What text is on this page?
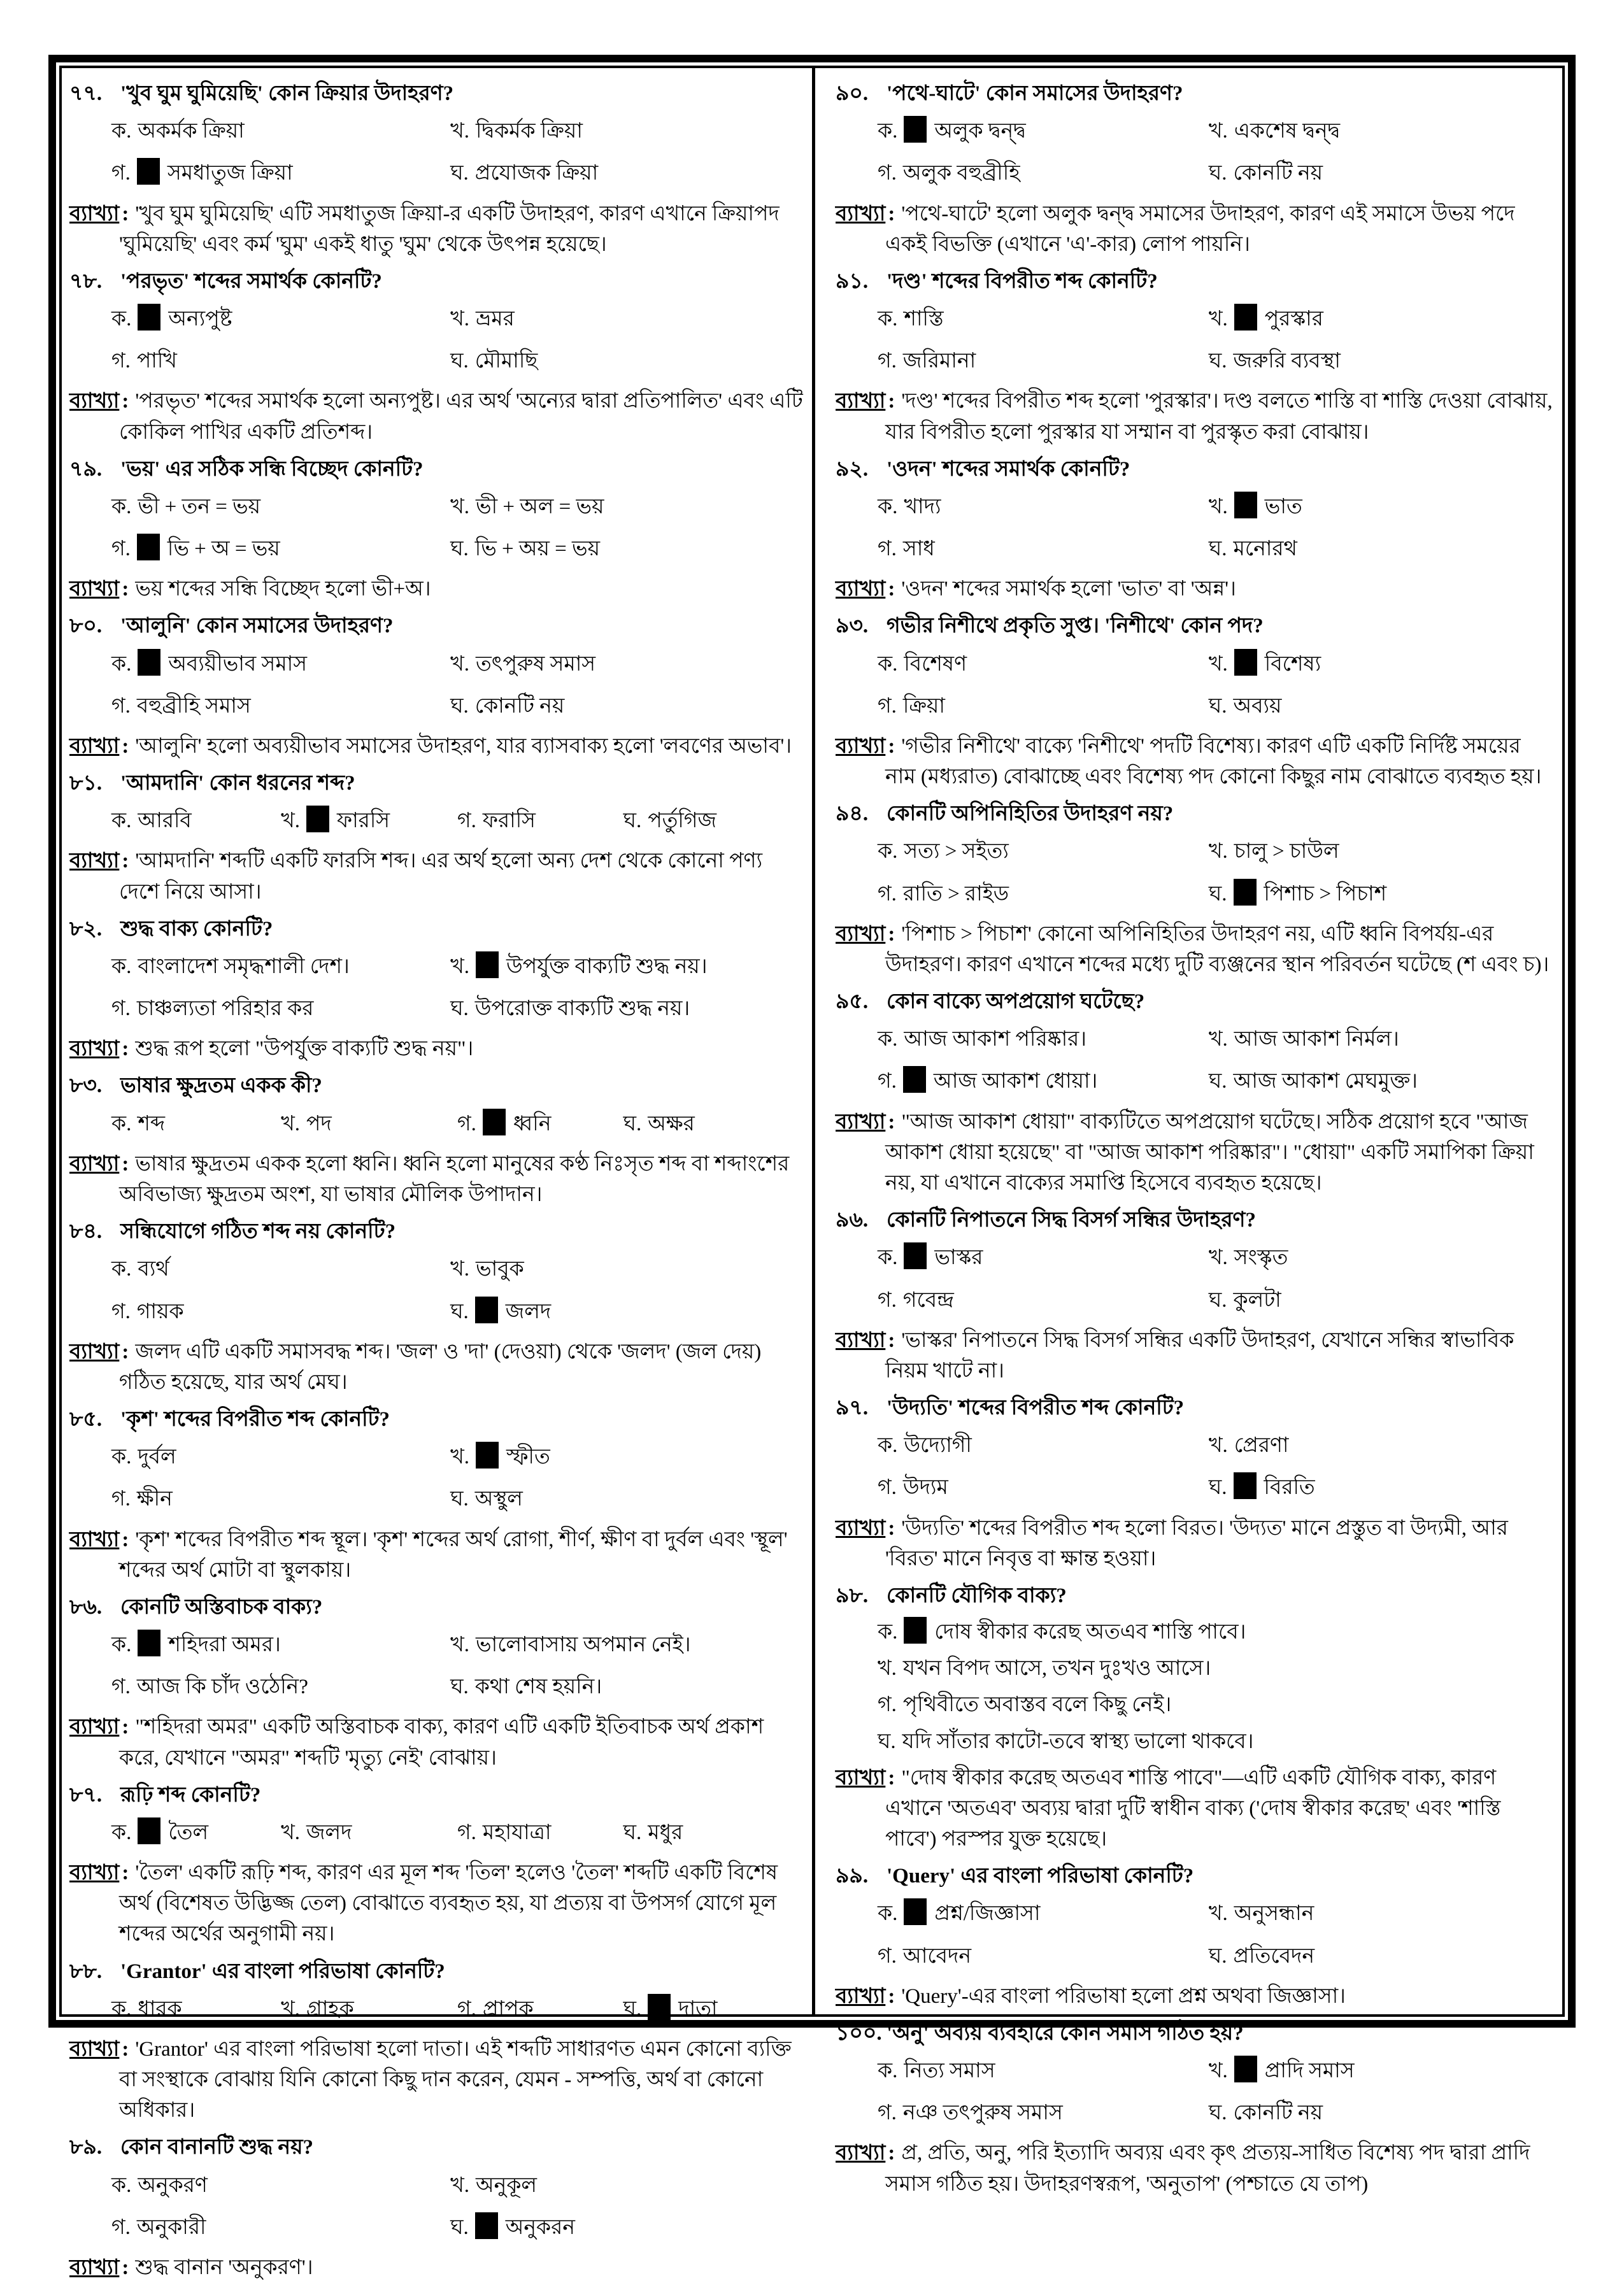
৭৭. 'খুব ঘুম ঘুমিয়েছি' কোন ক্রিয়ার উদাহরণ?
ক. অকর্মক ক্রিয়া	খ. দ্বিকর্মক ক্রিয়া
গ. সমধাতুজ ক্রিয়া	ঘ. প্রযোজক ক্রিয়া
ব্যাখ্যা : 'খুব ঘুম ঘুমিয়েছি' এটি সমধাতুজ ক্রিয়া-র একটি উদাহরণ, কারণ এখানে ক্রিয়াপদ 'ঘুমিয়েছি' এবং কর্ম 'ঘুম' একই ধাতু 'ঘুম' থেকে উৎপন্ন হয়েছে।
৭৮. 'পরভৃত' শব্দের সমার্থক কোনটি?
ক. অন্যপুষ্ট	খ. ভ্রমর
গ. পাখি	ঘ. মৌমাছি
ব্যাখ্যা : 'পরভৃত' শব্দের সমার্থক হলো অন্যপুষ্ট। এর অর্থ 'অন্যের দ্বারা প্রতিপালিত' এবং এটি কোকিল পাখির একটি প্রতিশব্দ।
৭৯. 'ভয়' এর সঠিক সন্ধি বিচ্ছেদ কোনটি?
ক. ভী + তন = ভয়	খ. ভী + অল = ভয়
গ. ভি + অ = ভয়	ঘ. ভি + অয় = ভয়
ব্যাখ্যা : ভয় শব্দের সন্ধি বিচ্ছেদ হলো ভী+অ।
৮০. 'আলুনি' কোন সমাসের উদাহরণ?
ক. অব্যয়ীভাব সমাস	খ. তৎপুরুষ সমাস
গ. বহুব্রীহি সমাস	ঘ. কোনটি নয়
ব্যাখ্যা : 'আলুনি' হলো অব্যয়ীভাব সমাসের উদাহরণ, যার ব্যাসবাক্য হলো 'লবণের অভাব'।
৮১. 'আমদানি' কোন ধরনের শব্দ?
ক. আরবি	খ. ফারসি	গ. ফরাসি	ঘ. পর্তুগিজ
ব্যাখ্যা : 'আমদানি' শব্দটি একটি ফারসি শব্দ। এর অর্থ হলো অন্য দেশ থেকে কোনো পণ্য দেশে নিয়ে আসা।
৮২. শুদ্ধ বাক্য কোনটি?
ক. বাংলাদেশ সমৃদ্ধশালী দেশ।	খ. উপর্যুক্ত বাক্যটি শুদ্ধ নয়।
গ. চাঞ্চল্যতা পরিহার কর	ঘ. উপরোক্ত বাক্যটি শুদ্ধ নয়।
ব্যাখ্যা : শুদ্ধ রূপ হলো "উপর্যুক্ত বাক্যটি শুদ্ধ নয়"।
৮৩. ভাষার ক্ষুদ্রতম একক কী?
ক. শব্দ	খ. পদ	গ. ধ্বনি	ঘ. অক্ষর
ব্যাখ্যা : ভাষার ক্ষুদ্রতম একক হলো ধ্বনি। ধ্বনি হলো মানুষের কণ্ঠ নিঃসৃত শব্দ বা শব্দাংশের অবিভাজ্য ক্ষুদ্রতম অংশ, যা ভাষার মৌলিক উপাদান।
৮৪. সন্ধিযোগে গঠিত শব্দ নয় কোনটি?
ক. ব্যর্থ	খ. ভাবুক
গ. গায়ক	ঘ. জলদ
ব্যাখ্যা : জলদ এটি একটি সমাসবদ্ধ শব্দ। 'জল' ও 'দা' (দেওয়া) থেকে 'জলদ' (জল দেয়) গঠিত হয়েছে, যার অর্থ মেঘ।
৮৫. 'কৃশ' শব্দের বিপরীত শব্দ কোনটি?
ক. দুর্বল	খ. স্ফীত
গ. ক্ষীন	ঘ. অস্থুল
ব্যাখ্যা : 'কৃশ' শব্দের বিপরীত শব্দ স্থূল। 'কৃশ' শব্দের অর্থ রোগা, শীর্ণ, ক্ষীণ বা দুর্বল এবং 'স্থূল' শব্দের অর্থ মোটা বা স্থুলকায়।
৮৬. কোনটি অস্তিবাচক বাক্য?
ক. শহিদরা অমর।	খ. ভালোবাসায় অপমান নেই।
গ. আজ কি চাঁদ ওঠেনি?	ঘ. কথা শেষ হয়নি।
ব্যাখ্যা : "শহিদরা অমর" একটি অস্তিবাচক বাক্য, কারণ এটি একটি ইতিবাচক অর্থ প্রকাশ করে, যেখানে "অমর" শব্দটি 'মৃত্যু নেই' বোঝায়।
৮৭. রূঢ়ি শব্দ কোনটি?
ক. তৈল	খ. জলদ	গ. মহাযাত্রা	ঘ. মধুর
ব্যাখ্যা : 'তৈল' একটি রূঢ়ি শব্দ, কারণ এর মূল শব্দ 'তিল' হলেও 'তৈল' শব্দটি একটি বিশেষ অর্থ (বিশেষত উদ্ভিজ্জ তেল) বোঝাতে ব্যবহৃত হয়, যা প্রত্যয় বা উপসর্গ যোগে মূল শব্দের অর্থের অনুগামী নয়।
৮৮. 'Grantor' এর বাংলা পরিভাষা কোনটি?
ক. ধারক	খ. গ্রাহক	গ. প্রাপক	ঘ. দাতা
ব্যাখ্যা : 'Grantor' এর বাংলা পরিভাষা হলো দাতা। এই শব্দটি সাধারণত এমন কোনো ব্যক্তি বা সংস্থাকে বোঝায় যিনি কোনো কিছু দান করেন, যেমন - সম্পত্তি, অর্থ বা কোনো অধিকার।
৮৯. কোন বানানটি শুদ্ধ নয়?
ক. অনুকরণ	খ. অনুকূল
গ. অনুকারী	ঘ. অনুকরন
ব্যাখ্যা : শুদ্ধ বানান 'অনুকরণ'।
৯০. 'পথে-ঘাটে' কোন সমাসের উদাহরণ?
ক. অলুক দ্বন্দ্ব	খ. একশেষ দ্বন্দ্ব
গ. অলুক বহুব্রীহি	ঘ. কোনটি নয়
ব্যাখ্যা : 'পথে-ঘাটে' হলো অলুক দ্বন্দ্ব সমাসের উদাহরণ, কারণ এই সমাসে উভয় পদে একই বিভক্তি (এখানে 'এ'-কার) লোপ পায়নি।
৯১. 'দণ্ড' শব্দের বিপরীত শব্দ কোনটি?
ক. শাস্তি	খ. পুরস্কার
গ. জরিমানা	ঘ. জরুরি ব্যবস্থা
ব্যাখ্যা : 'দণ্ড' শব্দের বিপরীত শব্দ হলো 'পুরস্কার'। দণ্ড বলতে শাস্তি বা শাস্তি দেওয়া বোঝায়, যার বিপরীত হলো পুরস্কার যা সম্মান বা পুরস্কৃত করা বোঝায়।
৯২. 'ওদন' শব্দের সমার্থক কোনটি?
ক. খাদ্য	খ. ভাত
গ. সাধ	ঘ. মনোরথ
ব্যাখ্যা : 'ওদন' শব্দের সমার্থক হলো 'ভাত' বা 'অন্ন'।
৯৩. গভীর নিশীথে প্রকৃতি সুপ্ত। 'নিশীথে' কোন পদ?
ক. বিশেষণ	খ. বিশেষ্য
গ. ক্রিয়া	ঘ. অব্যয়
ব্যাখ্যা : 'গভীর নিশীথে' বাক্যে 'নিশীথে' পদটি বিশেষ্য। কারণ এটি একটি নির্দিষ্ট সময়ের নাম (মধ্যরাত) বোঝাচ্ছে এবং বিশেষ্য পদ কোনো কিছুর নাম বোঝাতে ব্যবহৃত হয়।
৯৪. কোনটি অপিনিহিতির উদাহরণ নয়?
ক. সত্য > সইত্য	খ. চালু > চাউল
গ. রাতি > রাইড	ঘ. পিশাচ > পিচাশ
ব্যাখ্যা : 'পিশাচ > পিচাশ' কোনো অপিনিহিতির উদাহরণ নয়, এটি ধ্বনি বিপর্যয়-এর উদাহরণ। কারণ এখানে শব্দের মধ্যে দুটি ব্যঞ্জনের স্থান পরিবর্তন ঘটেছে (শ এবং চ)।
৯৫. কোন বাক্যে অপপ্রয়োগ ঘটেছে?
ক. আজ আকাশ পরিষ্কার।	খ. আজ আকাশ নির্মল।
গ. আজ আকাশ ধোয়া।	ঘ. আজ আকাশ মেঘমুক্ত।
ব্যাখ্যা : "আজ আকাশ ধোয়া" বাক্যটিতে অপপ্রয়োগ ঘটেছে। সঠিক প্রয়োগ হবে "আজ আকাশ ধোয়া হয়েছে" বা "আজ আকাশ পরিষ্কার"। "ধোয়া" একটি সমাপিকা ক্রিয়া নয়, যা এখানে বাক্যের সমাপ্তি হিসেবে ব্যবহৃত হয়েছে।
৯৬. কোনটি নিপাতনে সিদ্ধ বিসর্গ সন্ধির উদাহরণ?
ক. ভাস্কর	খ. সংস্কৃত
গ. গবেন্দ্র	ঘ. কুলটা
ব্যাখ্যা : 'ভাস্কর' নিপাতনে সিদ্ধ বিসর্গ সন্ধির একটি উদাহরণ, যেখানে সন্ধির স্বাভাবিক নিয়ম খাটে না।
৯৭. 'উদ্যতি' শব্দের বিপরীত শব্দ কোনটি?
ক. উদ্যোগী	খ. প্রেরণা
গ. উদ্যম	ঘ. বিরতি
ব্যাখ্যা : 'উদ্যতি' শব্দের বিপরীত শব্দ হলো বিরত। 'উদ্যত' মানে প্রস্তুত বা উদ্যমী, আর 'বিরত' মানে নিবৃত্ত বা ক্ষান্ত হওয়া।
৯৮. কোনটি যৌগিক বাক্য?
ক. দোষ স্বীকার করেছ অতএব শাস্তি পাবে।
খ. যখন বিপদ আসে, তখন দুঃখও আসে।
গ. পৃথিবীতে অবাস্তব বলে কিছু নেই।
ঘ. যদি সাঁতার কাটো-তবে স্বাস্থ্য ভালো থাকবে।
ব্যাখ্যা : "দোষ স্বীকার করেছ অতএব শাস্তি পাবে"—এটি একটি যৌগিক বাক্য, কারণ এখানে 'অতএব' অব্যয় দ্বারা দুটি স্বাধীন বাক্য ('দোষ স্বীকার করেছ' এবং 'শাস্তি পাবে') পরস্পর যুক্ত হয়েছে।
৯৯. 'Query' এর বাংলা পরিভাষা কোনটি?
ক. প্রশ্ন/জিজ্ঞাসা	খ. অনুসন্ধান
গ. আবেদন	ঘ. প্রতিবেদন
ব্যাখ্যা : 'Query'-এর বাংলা পরিভাষা হলো প্রশ্ন অথবা জিজ্ঞাসা।
১০০. 'অনু' অব্যয় ব্যবহারে কোন সমাস গঠিত হয়?
ক. নিত্য সমাস	খ. প্রাদি সমাস
গ. নঞ তৎপুরুষ সমাস	ঘ. কোনটি নয়
ব্যাখ্যা : প্র, প্রতি, অনু, পরি ইত্যাদি অব্যয় এবং কৃৎ প্রত্যয়-সাধিত বিশেষ্য পদ দ্বারা প্রাদি সমাস গঠিত হয়। উদাহরণস্বরূপ, 'অনুতাপ' (পশ্চাতে যে তাপ)
